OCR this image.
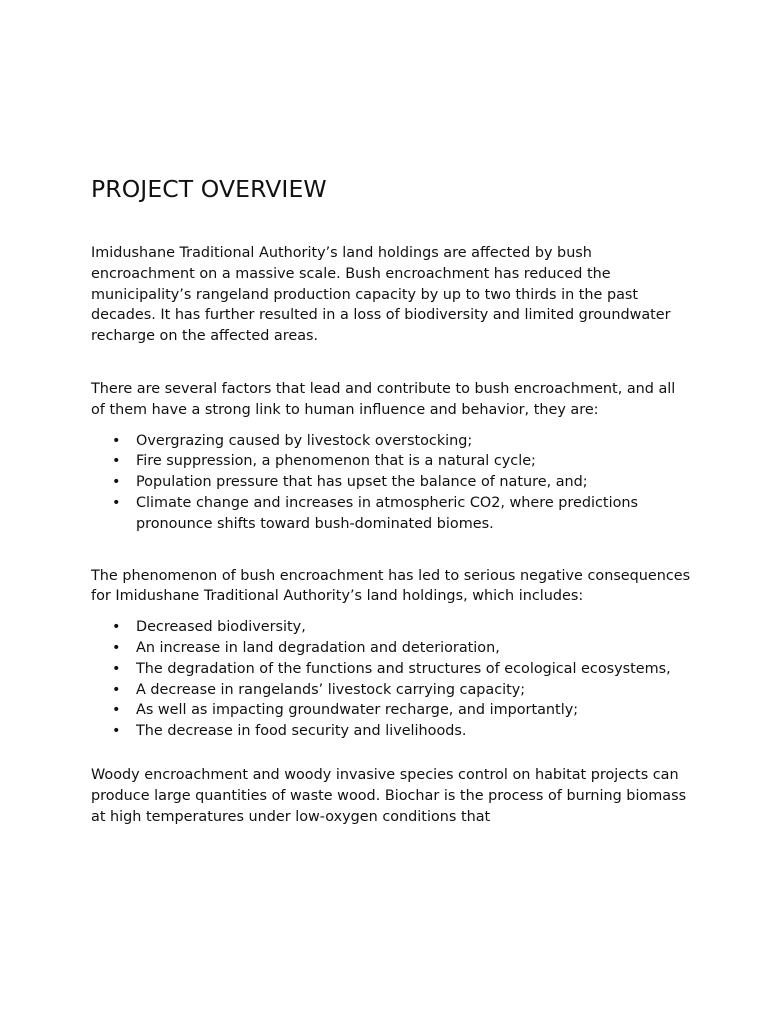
PROJECT OVERVIEW

Imidushane Traditional Authority’s land holdings are affected by bush encroachment on a massive scale. Bush encroachment has reduced the municipality’s rangeland production capacity by up to two thirds in the past decades. It has further resulted in a loss of biodiversity and limited groundwater recharge on the affected areas.

There are several factors that lead and contribute to bush encroachment, and all of them have a strong link to human influence and behavior, they are:

• Overgrazing caused by livestock overstocking;
• Fire suppression, a phenomenon that is a natural cycle;
• Population pressure that has upset the balance of nature, and;
• Climate change and increases in atmospheric CO2, where predictions pronounce shifts toward bush-dominated biomes.

The phenomenon of bush encroachment has led to serious negative consequences for Imidushane Traditional Authority’s land holdings, which includes:

• Decreased biodiversity,
• An increase in land degradation and deterioration,
• The degradation of the functions and structures of ecological ecosystems,
• A decrease in rangelands’ livestock carrying capacity;
• As well as impacting groundwater recharge, and importantly;
• The decrease in food security and livelihoods.

Woody encroachment and woody invasive species control on habitat projects can produce large quantities of waste wood. Biochar is the process of burning biomass at high temperatures under low-oxygen conditions that
